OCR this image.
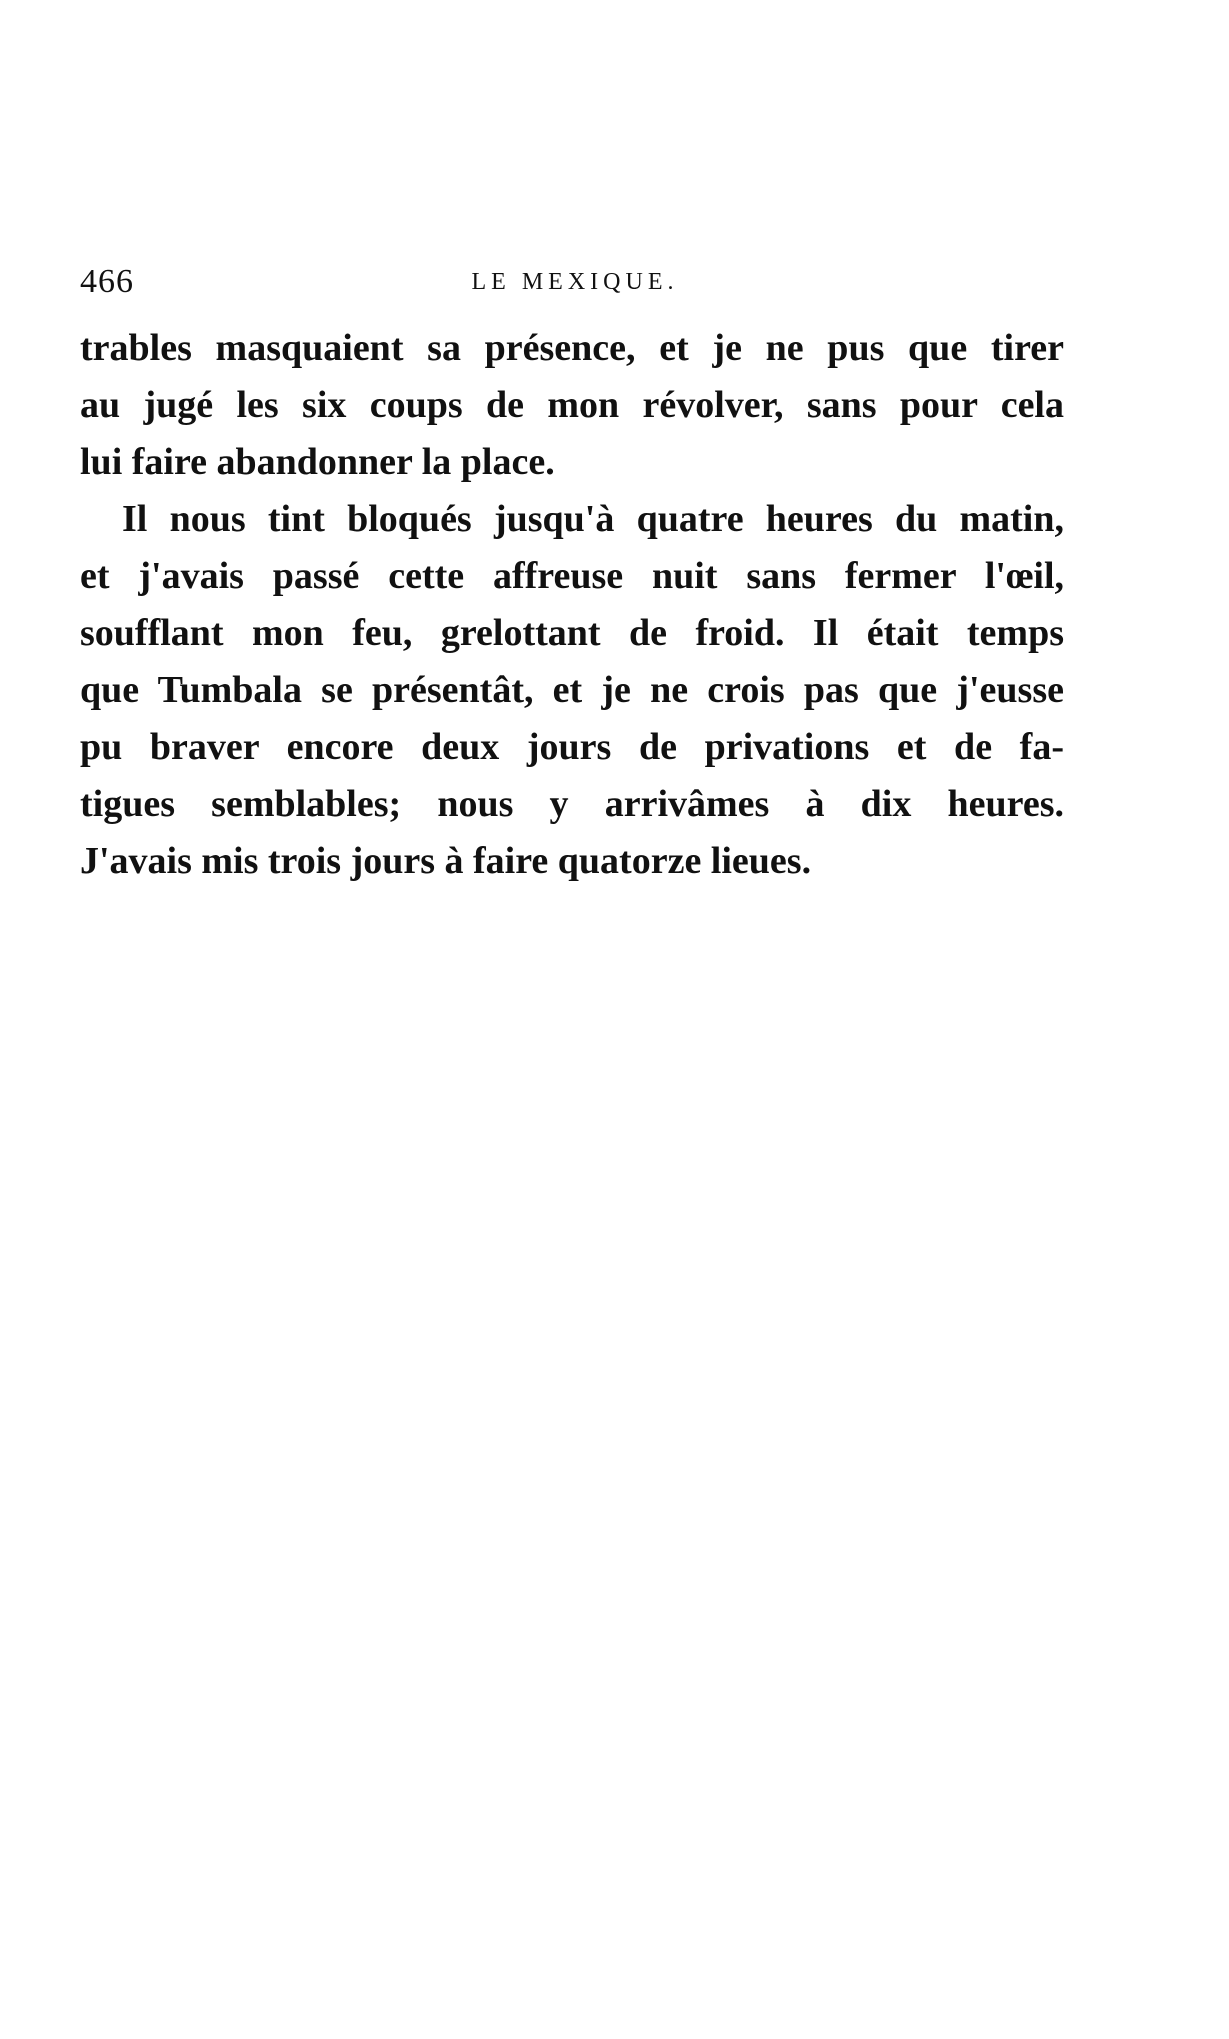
466	LE MEXIQUE.
trables masquaient sa présence, et je ne pus que tirer
au jugé les six coups de mon révolver, sans pour cela
lui faire abandonner la place.
Il nous tint bloqués jusqu'à quatre heures du matin,
et j'avais passé cette affreuse nuit sans fermer l'œil,
soufflant mon feu, grelottant de froid. Il était temps
que Tumbala se présentât, et je ne crois pas que j'eusse
pu braver encore deux jours de privations et de fa-
tigues semblables; nous y arrivâmes à dix heures.
J'avais mis trois jours à faire quatorze lieues.
